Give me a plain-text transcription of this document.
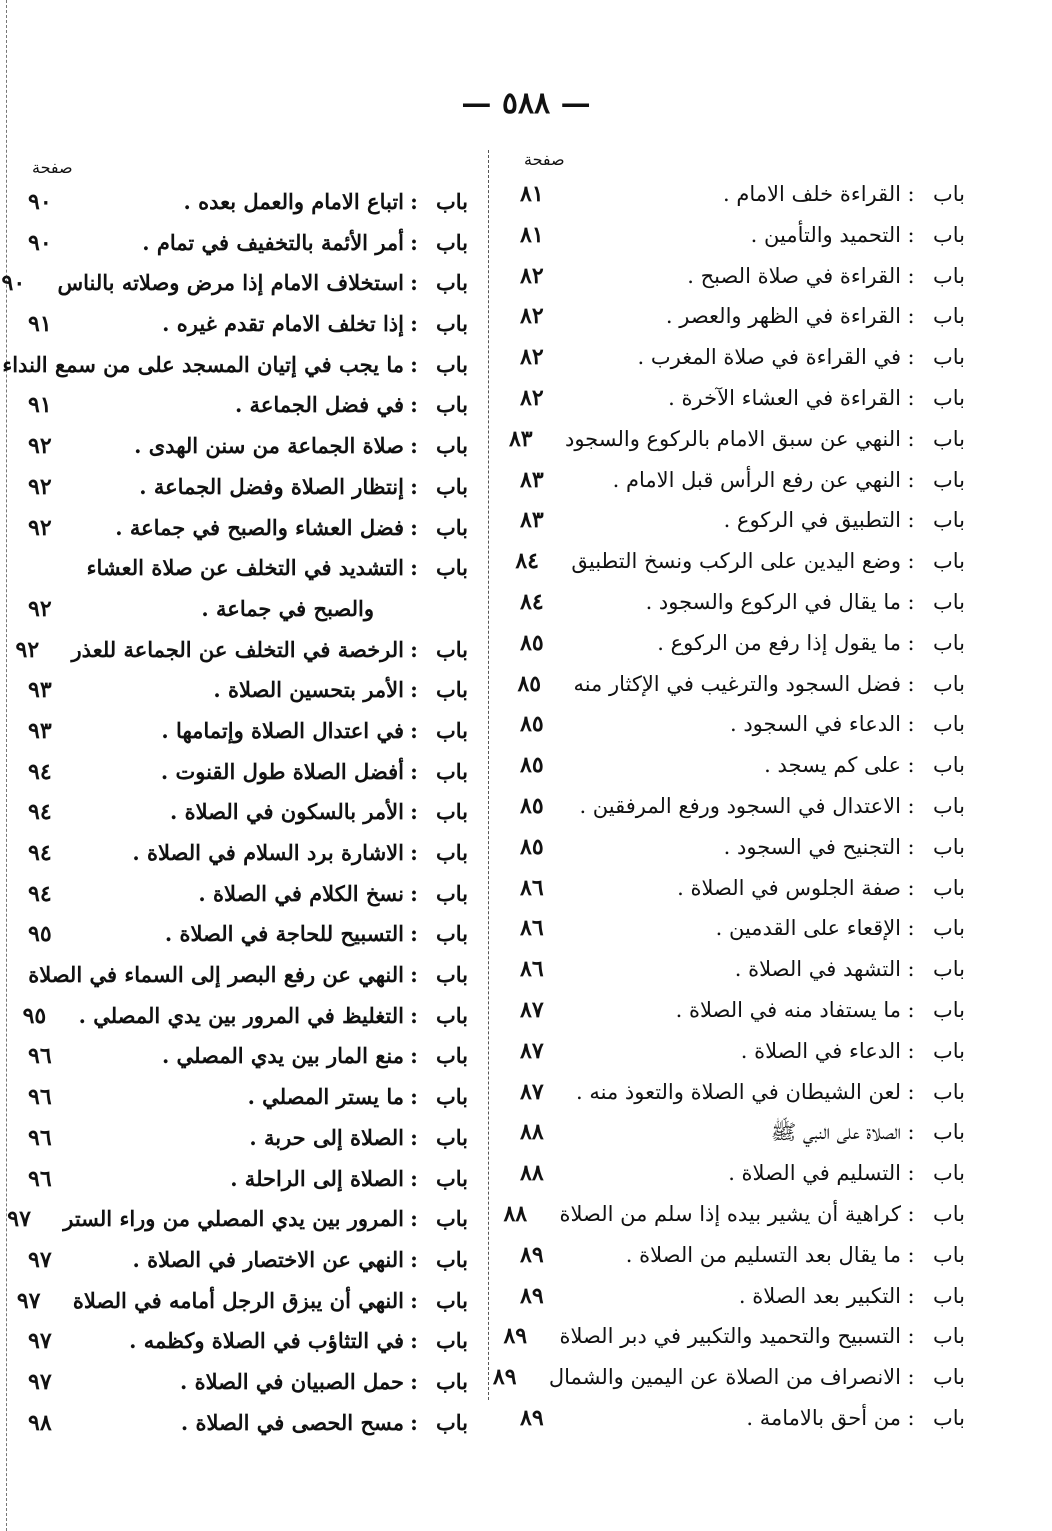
— ٥٨٨ —
صفحة
باب
:
القراءة خلف الامام .
٨١
باب
:
التحميد والتأمين .
٨١
باب
:
القراءة في صلاة الصبح .
٨٢
باب
:
القراءة في الظهر والعصر .
٨٢
باب
:
في القراءة في صلاة المغرب .
٨٢
باب
:
القراءة في العشاء الآخرة .
٨٢
باب
:
النهي عن سبق الامام بالركوع والسجود
٨٣
باب
:
النهي عن رفع الرأس قبل الامام .
٨٣
باب
:
التطبيق في الركوع .
٨٣
باب
:
وضع اليدين على الركب ونسخ التطبيق
٨٤
باب
:
ما يقال في الركوع والسجود .
٨٤
باب
:
ما يقول إذا رفع من الركوع .
٨٥
باب
:
فضل السجود والترغيب في الإكثار منه
٨٥
باب
:
الدعاء في السجود .
٨٥
باب
:
على كم يسجد .
٨٥
باب
:
الاعتدال في السجود ورفع المرفقين .
٨٥
باب
:
التجنيح في السجود .
٨٥
باب
:
صفة الجلوس في الصلاة .
٨٦
باب
:
الإقعاء على القدمين .
٨٦
باب
:
التشهد في الصلاة .
٨٦
باب
:
ما يستفاد منه في الصلاة .
٨٧
باب
:
الدعاء في الصلاة .
٨٧
باب
:
لعن الشيطان في الصلاة والتعوذ منه .
٨٧
باب
:
الصلاة على النبي ﷺ
٨٨
باب
:
التسليم في الصلاة .
٨٨
باب
:
كراهية أن يشير بيده إذا سلم من الصلاة
٨٨
باب
:
ما يقال بعد التسليم من الصلاة .
٨٩
باب
:
التكبير بعد الصلاة .
٨٩
باب
:
التسبيح والتحميد والتكبير في دبر الصلاة
٨٩
باب
:
الانصراف من الصلاة عن اليمين والشمال
٨٩
باب
:
من أحق بالامامة .
٨٩
صفحة
باب
:
اتباع الامام والعمل بعده .
٩٠
باب
:
أمر الأئمة بالتخفيف في تمام .
٩٠
باب
:
استخلاف الامام إذا مرض وصلاته بالناس
٩٠
باب
:
إذا تخلف الامام تقدم غيره .
٩١
باب
:
ما يجب في إتيان المسجد على من سمع النداء
باب
:
في فضل الجماعة .
٩١
باب
:
صلاة الجماعة من سنن الهدى .
٩٢
باب
:
إنتظار الصلاة وفضل الجماعة .
٩٢
باب
:
فضل العشاء والصبح في جماعة .
٩٢
باب
:
التشديد في التخلف عن صلاة العشاء
والصبح في جماعة .
٩٢
باب
:
الرخصة في التخلف عن الجماعة للعذر
٩٢
باب
:
الأمر بتحسين الصلاة .
٩٣
باب
:
في اعتدال الصلاة وإتمامها .
٩٣
باب
:
أفضل الصلاة طول القنوت .
٩٤
باب
:
الأمر بالسكون في الصلاة .
٩٤
باب
:
الاشارة برد السلام في الصلاة .
٩٤
باب
:
نسخ الكلام في الصلاة .
٩٤
باب
:
التسبيح للحاجة في الصلاة .
٩٥
باب
:
النهي عن رفع البصر إلى السماء في الصلاة
باب
:
التغليظ في المرور بين يدي المصلي .
٩٥
باب
:
منع المار بين يدي المصلي .
٩٦
باب
:
ما يستر المصلي .
٩٦
باب
:
الصلاة إلى حربة .
٩٦
باب
:
الصلاة إلى الراحلة .
٩٦
باب
:
المرور بين يدي المصلي من وراء الستر
٩٧
باب
:
النهي عن الاختصار في الصلاة .
٩٧
باب
:
النهي أن يبزق الرجل أمامه في الصلاة
٩٧
باب
:
في التثاؤب في الصلاة وكظمه .
٩٧
باب
:
حمل الصبيان في الصلاة .
٩٧
باب
:
مسح الحصى في الصلاة .
٩٨
